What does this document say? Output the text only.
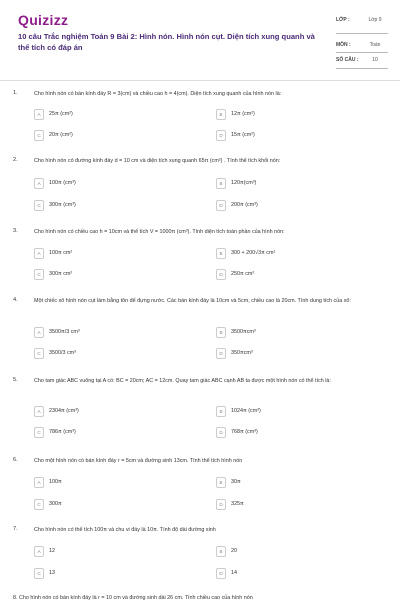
Quizizz
10 câu Trắc nghiệm Toán 9 Bài 2: Hình nón. Hình nón cụt. Diện tích xung quanh và thể tích có đáp án
LỚP :	Lớp 9
MÔN :	Toán
SỐ CÂU :	10
1.	Cho hình nón có bán kính đáy R = 3(cm) và chiều cao h = 4(cm). Diện tích xung quanh của hình nón là:
A	25π (cm²)	B	12π (cm²)
C	20π (cm²)	D	15π (cm²)
2.	Cho hình nón có đường kính đáy d = 10 cm và diện tích xung quanh 65π (cm²) . Tính thể tích khối nón:
A	100π (cm³)	B	120π(cm³)
C	300π (cm³)	D	200π (cm³)
3.	Cho hình nón có chiều cao h = 10cm và thể tích V = 1000π (cm³). Tính diện tích toàn phần của hình nón:
A	100π cm²	B	300 + 200√3π cm²
C	300π cm²	D	250π cm²
4.	Một chiếc xô hình nón cụt làm bằng tôn để đựng nước. Các bán kính đáy là 10cm và 5cm, chiều cao là 20cm. Tính dung tích của xô:
A	3500π/3 cm³	B	3500πcm³
C	3500/3 cm³	D	350πcm³
5.	Cho tam giác ABC vuông tại A có: BC = 20cm; AC = 12cm. Quay tam giác ABC cạnh AB ta được một hình nón có thể tích là:
A	2304π (cm³)	B	1024π (cm³)
C	786π (cm³)	D	768π (cm³)
6.	Cho một hình nón có bán kính đáy r = 5cm và đường sinh 13cm. Tính thể tích hình nón
A	100π	B	30π
C	300π	D	325π
7.	Cho hình nón có thể tích 100π và chu vi đáy là 10π. Tính độ dài đường sinh
A	12	B	20
C	13	D	14
8. Cho hình nón có bán kính đáy là r = 10 cm và đường sinh dài 26 cm. Tính chiều cao của hình nón
